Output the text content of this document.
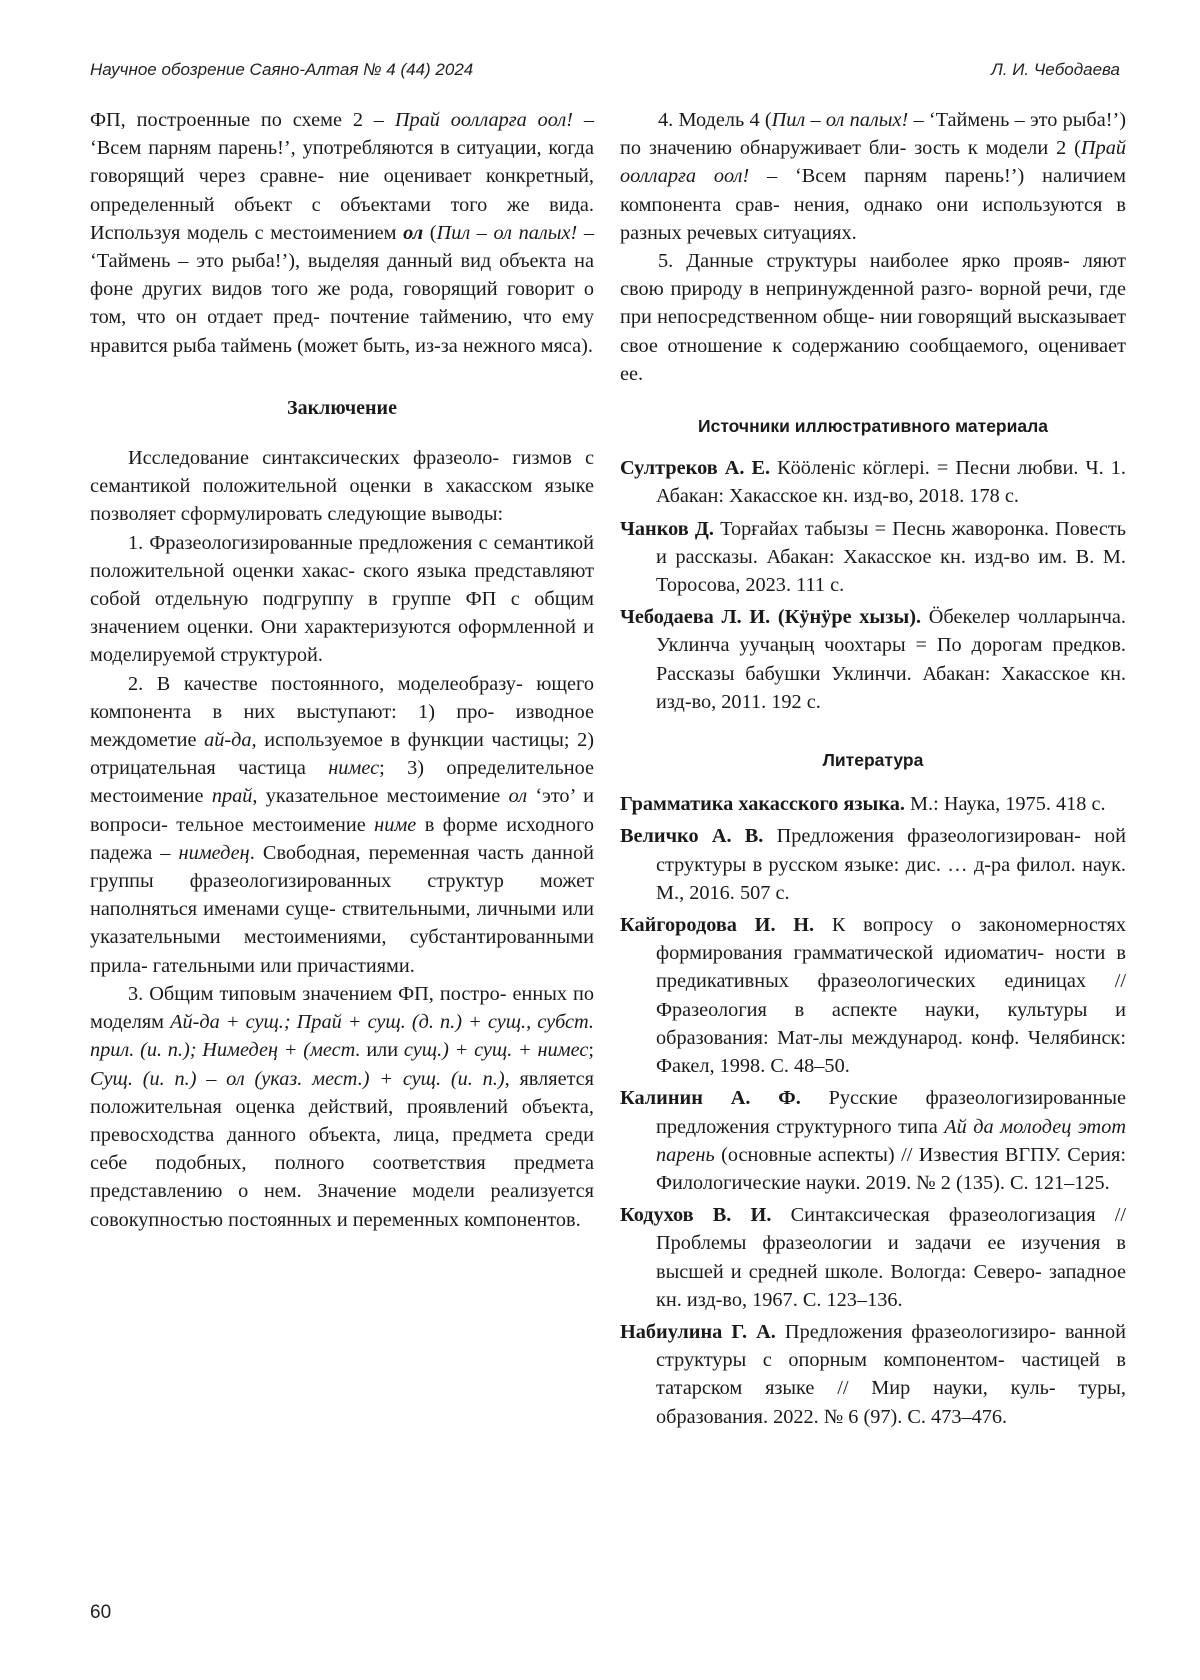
Научное обозрение Саяно-Алтая № 4 (44) 2024	Л. И. Чебодаева

ФП, построенные по схеме 2 – Прай оолларға оол! – ‘Всем парням парень!’, употребляются в ситуации, когда говорящий через сравне- ние оценивает конкретный, определенный объект с объектами того же вида. Используя модель с местоимением ол (Пил – ол палых! – ‘Таймень – это рыба!’), выделяя данный вид объекта на фоне других видов того же рода, говорящий говорит о том, что он отдает пред- почтение таймению, что ему нравится рыба таймень (может быть, из-за нежного мяса).

Заключение

Исследование синтаксических фразеоло- гизмов с семантикой положительной оценки в хакасском языке позволяет сформулировать следующие выводы:

1. Фразеологизированные предложения с семантикой положительной оценки хакас- ского языка представляют собой отдельную подгруппу в группе ФП с общим значением оценки. Они характеризуются оформленной и моделируемой структурой.

2. В качестве постоянного, моделеобразу- ющего компонента в них выступают: 1) про- изводное междометие ай-да, используемое в функции частицы; 2) отрицательная частица нимес; 3) определительное местоимение прай, указательное местоимение ол ‘это’ и вопроси- тельное местоимение ниме в форме исходного падежа – нимедең. Свободная, переменная часть данной группы фразеологизированных структур может наполняться именами суще- ствительными, личными или указательными местоимениями, субстантированными прила- гательными или причастиями.

3. Общим типовым значением ФП, постро- енных по моделям Ай-да + сущ.; Прай + сущ. (д. п.) + сущ., субст. прил. (и. п.); Нимедең + (мест. или сущ.) + сущ. + нимес; Сущ. (и. п.) – ол (указ. мест.) + сущ. (и. п.), является положительная оценка действий, проявлений объекта, превосходства данного объекта, лица, предмета среди себе подобных, полного соответствия предмета представлению о нем. Значение модели реализуется совокупностью постоянных и переменных компонентов.

4. Модель 4 (Пил – ол палых! – ‘Таймень – это рыба!’) по значению обнаруживает бли- зость к модели 2 (Прай оолларға оол! – ‘Всем парням парень!’) наличием компонента срав- нения, однако они используются в разных речевых ситуациях.

5. Данные структуры наиболее ярко прояв- ляют свою природу в непринужденной разго- ворной речи, где при непосредственном обще- нии говорящий высказывает свое отношение к содержанию сообщаемого, оценивает ее.

Источники иллюстративного материала

Султреков А. Е. Кööленiс кöглерi. = Песни любви. Ч. 1. Абакан: Хакасское кн. изд-во, 2018. 178 с.

Чанков Д. Торғайах табызы = Песнь жаворонка. Повесть и рассказы. Абакан: Хакасское кн. изд-во им. В. М. Торосова, 2023. 111 с.

Чебодаева Л. И. (Кӱнӱре хызы). Öбекелер чолларынча. Уклинча уучаңың чоохтары = По дорогам предков. Рассказы бабушки Уклинчи. Абакан: Хакасское кн. изд-во, 2011. 192 с.

Литература

Грамматика хакасского языка. М.: Наука, 1975. 418 с.

Величко А. В. Предложения фразеологизирован- ной структуры в русском языке: дис. … д-ра филол. наук. М., 2016. 507 с.

Кайгородова И. Н. К вопросу о закономерностях формирования грамматической идиоматич- ности в предикативных фразеологических единицах // Фразеология в аспекте науки, культуры и образования: Мат-лы международ. конф. Челябинск: Факел, 1998. С. 48–50.

Калинин А. Ф. Русские фразеологизированные предложения структурного типа Ай да молодец этот парень (основные аспекты) // Известия ВГПУ. Серия: Филологические науки. 2019. № 2 (135). С. 121–125.

Кодухов В. И. Синтаксическая фразеологизация // Проблемы фразеологии и задачи ее изучения в высшей и средней школе. Вологда: Северо- западное кн. изд-во, 1967. С. 123–136.

Набиулина Г. А. Предложения фразеологизиро- ванной структуры с опорным компонентом- частицей в татарском языке // Мир науки, куль- туры, образования. 2022. № 6 (97). С. 473–476.

60
